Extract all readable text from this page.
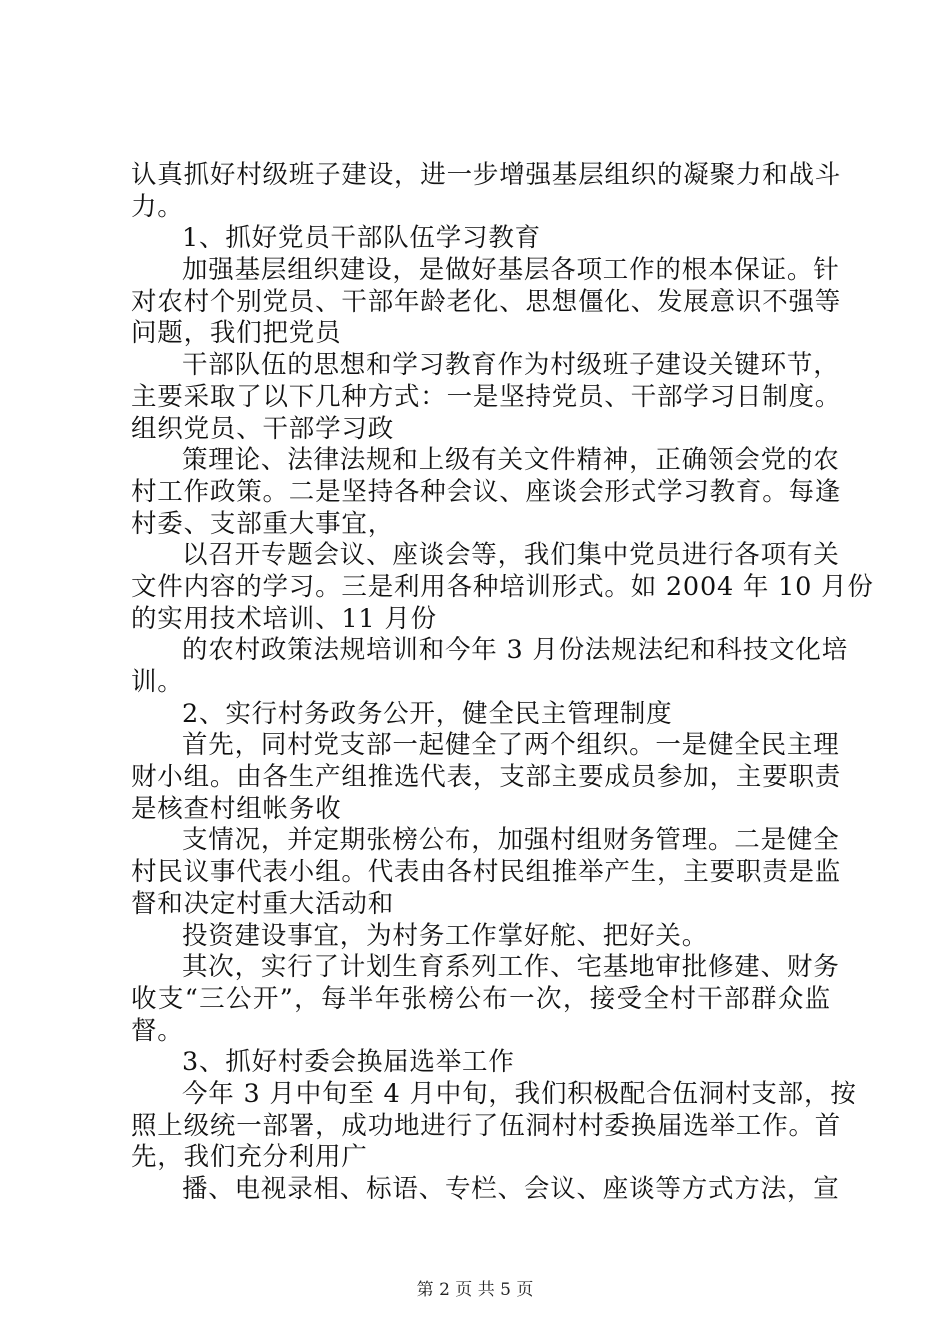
认真抓好村级班子建设，进一步增强基层组织的凝聚力和战斗
力。
1、抓好党员干部队伍学习教育
加强基层组织建设，是做好基层各项工作的根本保证。针
对农村个别党员、干部年龄老化、思想僵化、发展意识不强等
问题，我们把党员
干部队伍的思想和学习教育作为村级班子建设关键环节，
主要采取了以下几种方式：一是坚持党员、干部学习日制度。
组织党员、干部学习政
策理论、法律法规和上级有关文件精神，正确领会党的农
村工作政策。二是坚持各种会议、座谈会形式学习教育。每逢
村委、支部重大事宜，
以召开专题会议、座谈会等，我们集中党员进行各项有关
文件内容的学习。三是利用各种培训形式。如 2004 年 10 月份
的实用技术培训、11 月份
的农村政策法规培训和今年 3 月份法规法纪和科技文化培
训。
2、实行村务政务公开，健全民主管理制度
首先，同村党支部一起健全了两个组织。一是健全民主理
财小组。由各生产组推选代表，支部主要成员参加，主要职责
是核查村组帐务收
支情况，并定期张榜公布，加强村组财务管理。二是健全
村民议事代表小组。代表由各村民组推举产生，主要职责是监
督和决定村重大活动和
投资建设事宜，为村务工作掌好舵、把好关。
其次，实行了计划生育系列工作、宅基地审批修建、财务
收支“三公开”，每半年张榜公布一次，接受全村干部群众监
督。
3、抓好村委会换届选举工作
今年 3 月中旬至 4 月中旬，我们积极配合伍洞村支部，按
照上级统一部署，成功地进行了伍洞村村委换届选举工作。首
先，我们充分利用广
播、电视录相、标语、专栏、会议、座谈等方式方法，宣
第 2 页 共 5 页
